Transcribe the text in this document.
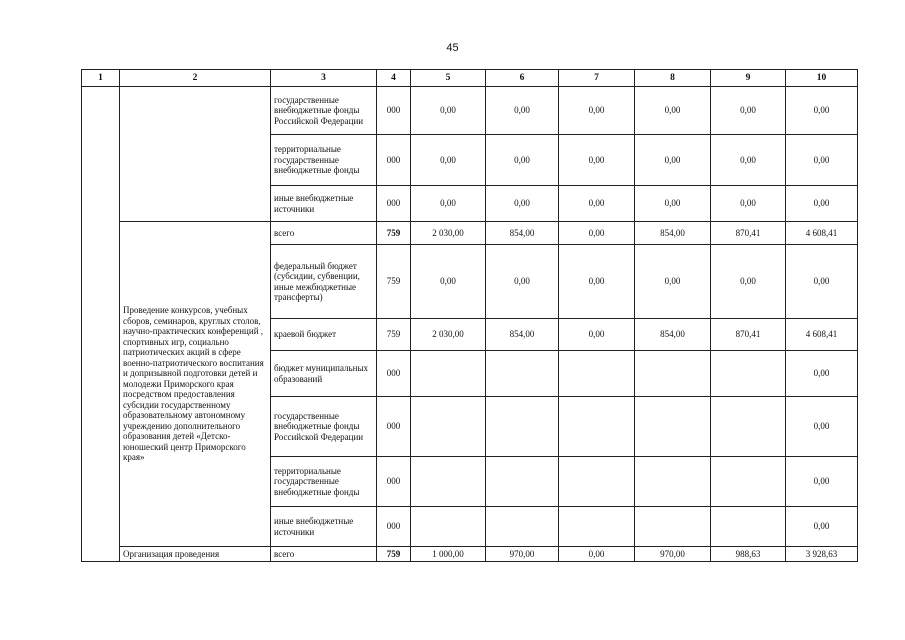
45
1	2	3	4	5	6	7	8	9	10
		государственные внебюджетные фонды Российской Федерации	000	0,00	0,00	0,00	0,00	0,00	0,00
		территориальные государственные внебюджетные фонды	000	0,00	0,00	0,00	0,00	0,00	0,00
		иные внебюджетные источники	000	0,00	0,00	0,00	0,00	0,00	0,00
	Проведение конкурсов, учебных сборов, семинаров, круглых столов, научно-практических конференций , спортивных игр, социально патриотических акций в сфере военно-патриотического воспитания и допризывной подготовки детей и молодежи Приморского края посредством предоставления субсидии государственному образовательному автономному учреждению дополнительного образования детей «Детско-юношеский центр Приморского края»	всего	759	2 030,00	854,00	0,00	854,00	870,41	4 608,41
		федеральный бюджет (субсидии, субвенции, иные межбюджетные трансферты)	759	0,00	0,00	0,00	0,00	0,00	0,00
		краевой бюджет	759	2 030,00	854,00	0,00	854,00	870,41	4 608,41
		бюджет муниципальных образований	000						0,00
		государственные внебюджетные фонды Российской Федерации	000						0,00
		территориальные государственные внебюджетные фонды	000						0,00
		иные внебюджетные источники	000						0,00
	Организация проведения	всего	759	1 000,00	970,00	0,00	970,00	988,63	3 928,63
